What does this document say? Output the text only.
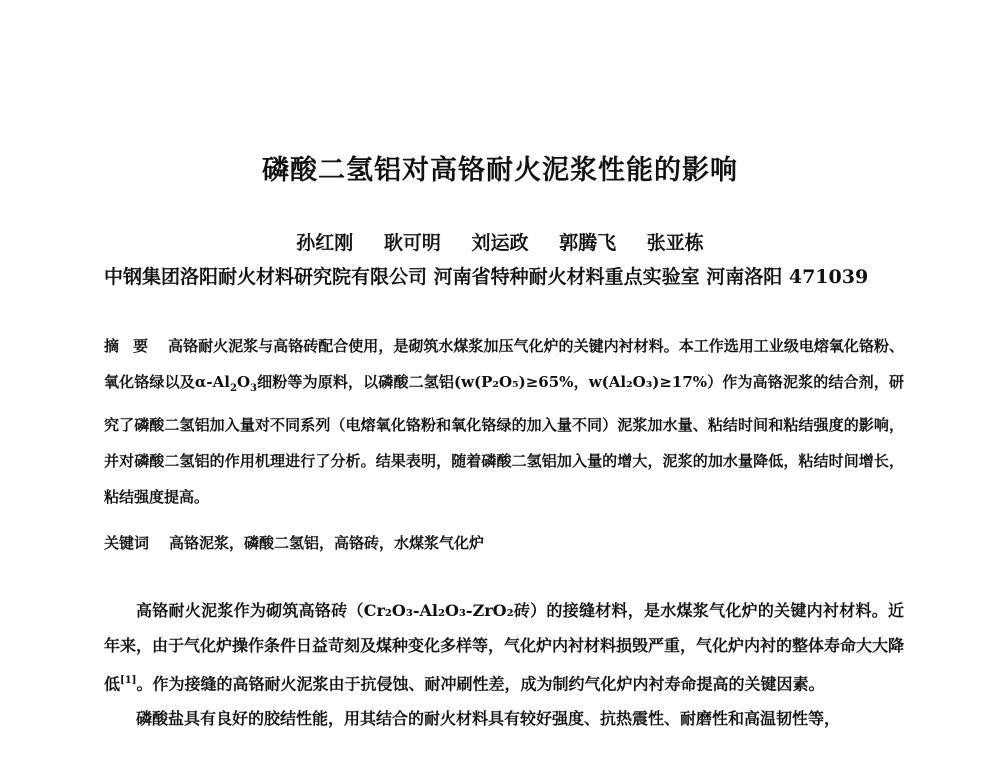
磷酸二氢铝对高铬耐火泥浆性能的影响
孙红刚 耿可明 刘运政 郭腾飞 张亚栋
中钢集团洛阳耐火材料研究院有限公司 河南省特种耐火材料重点实验室 河南洛阳 471039
摘要 高铬耐火泥浆与高铬砖配合使用，是砌筑水煤浆加压气化炉的关键内衬材料。本工作选用工业级电熔氧化铬粉、氧化铬绿以及$\alpha-Al_2O_3$细粉等为原料，以磷酸二氢铝(w(P₂O₅)≥65%，w(Al₂O₃)≥17%）作为高铬泥浆的结合剂，研究了磷酸二氢铝加入量对不同系列（电熔氧化铬粉和氧化铬绿的加入量不同）泥浆加水量、粘结时间和粘结强度的影响，并对磷酸二氢铝的作用机理进行了分析。结果表明，随着磷酸二氢铝加入量的增大，泥浆的加水量降低，粘结时间增长，粘结强度提高。
关键词 高铬泥浆，磷酸二氢铝，高铬砖，水煤浆气化炉

高铬耐火泥浆作为砌筑高铬砖（Cr₂O₃-Al₂O₃-ZrO₂砖）的接缝材料，是水煤浆气化炉的关键内衬材料。近年来，由于气化炉操作条件日益苛刻及煤种变化多样等，气化炉内衬材料损毁严重，气化炉内衬的整体寿命大大降低[1]。作为接缝的高铬耐火泥浆由于抗侵蚀、耐冲刷性差，成为制约气化炉内衬寿命提高的关键因素。

磷酸盐具有良好的胶结性能，用其结合的耐火材料具有较好强度、抗热震性、耐磨性和高温韧性等，
